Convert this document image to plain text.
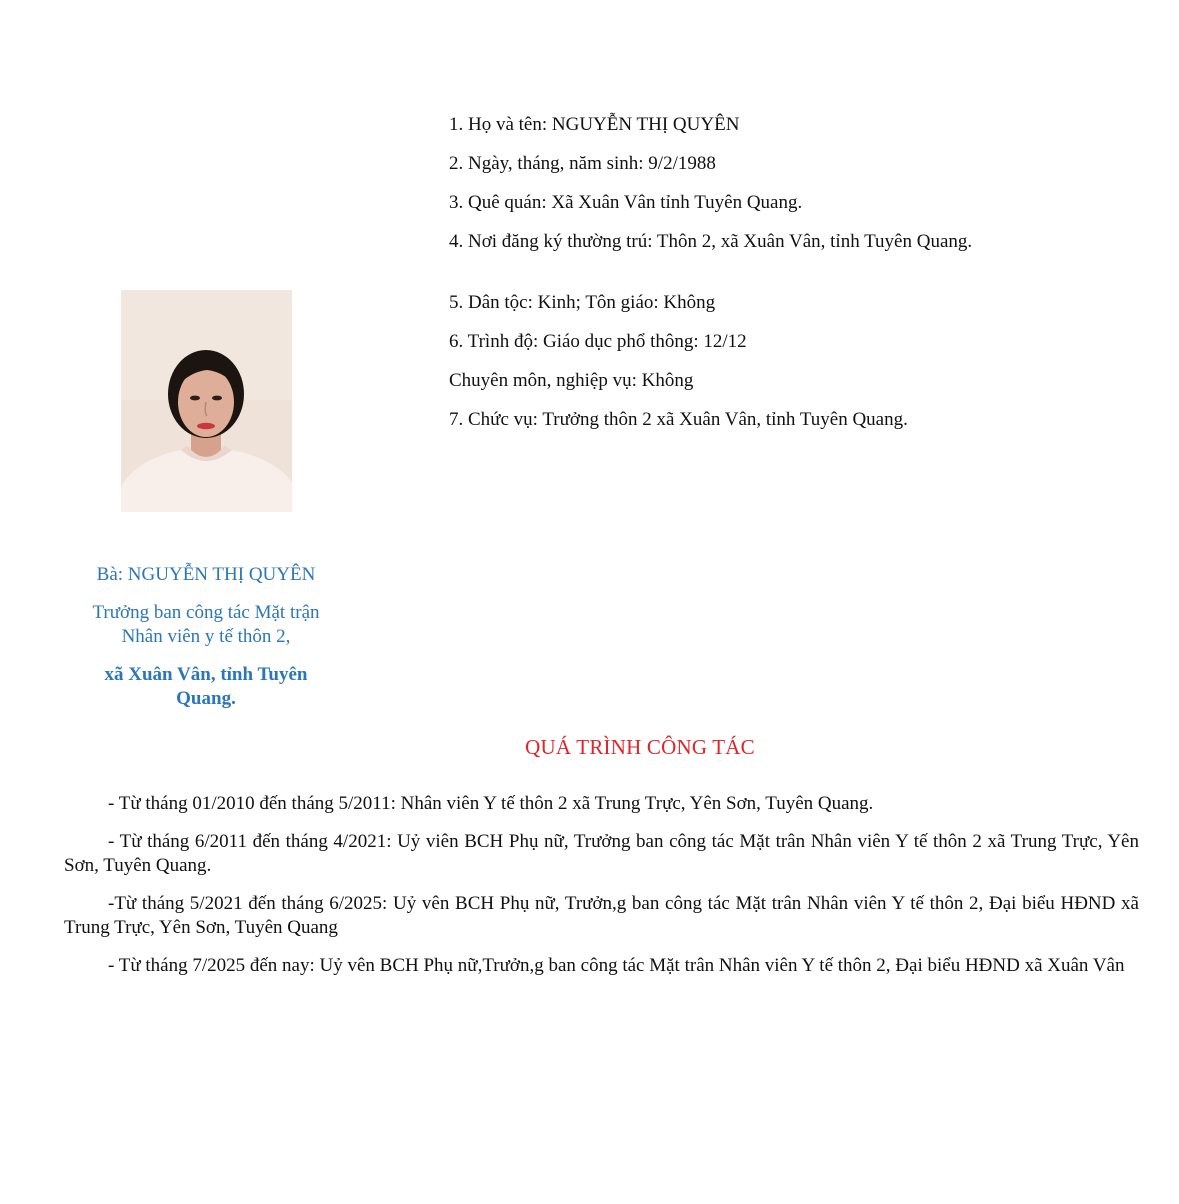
1. Họ và tên: NGUYỄN THỊ QUYÊN
2. Ngày, tháng, năm sinh: 9/2/1988
3. Quê quán: Xã Xuân Vân tỉnh Tuyên Quang.
4. Nơi đăng ký thường trú: Thôn 2, xã Xuân Vân, tỉnh Tuyên Quang.
5. Dân tộc: Kinh; Tôn giáo: Không
6. Trình độ: Giáo dục phổ thông: 12/12
Chuyên môn, nghiệp vụ: Không
7. Chức vụ: Trưởng thôn 2 xã Xuân Vân, tỉnh Tuyên Quang.
Bà: NGUYỄN THỊ QUYÊN
Trưởng ban công tác Mặt trận
Nhân viên y tế thôn 2,
xã Xuân Vân, tỉnh Tuyên Quang.
QUÁ TRÌNH CÔNG TÁC

- Từ tháng 01/2010 đến tháng 5/2011: Nhân viên Y tế thôn 2 xã Trung Trực, Yên Sơn, Tuyên Quang.

- Từ tháng 6/2011 đến tháng 4/2021: Uỷ viên BCH Phụ nữ, Trưởng ban công tác Mặt trân Nhân viên Y tế thôn 2 xã Trung Trực, Yên Sơn, Tuyên Quang.

-Từ tháng 5/2021 đến tháng 6/2025: Uỷ vên BCH Phụ nữ, Trưởn,g ban công tác Mặt trân Nhân viên Y tế thôn 2, Đại biểu HĐND xã Trung Trực, Yên Sơn, Tuyên Quang

- Từ tháng 7/2025 đến nay: Uỷ vên BCH Phụ nữ,Trưởn,g ban công tác Mặt trân Nhân viên Y tế thôn 2, Đại biểu HĐND xã Xuân Vân
